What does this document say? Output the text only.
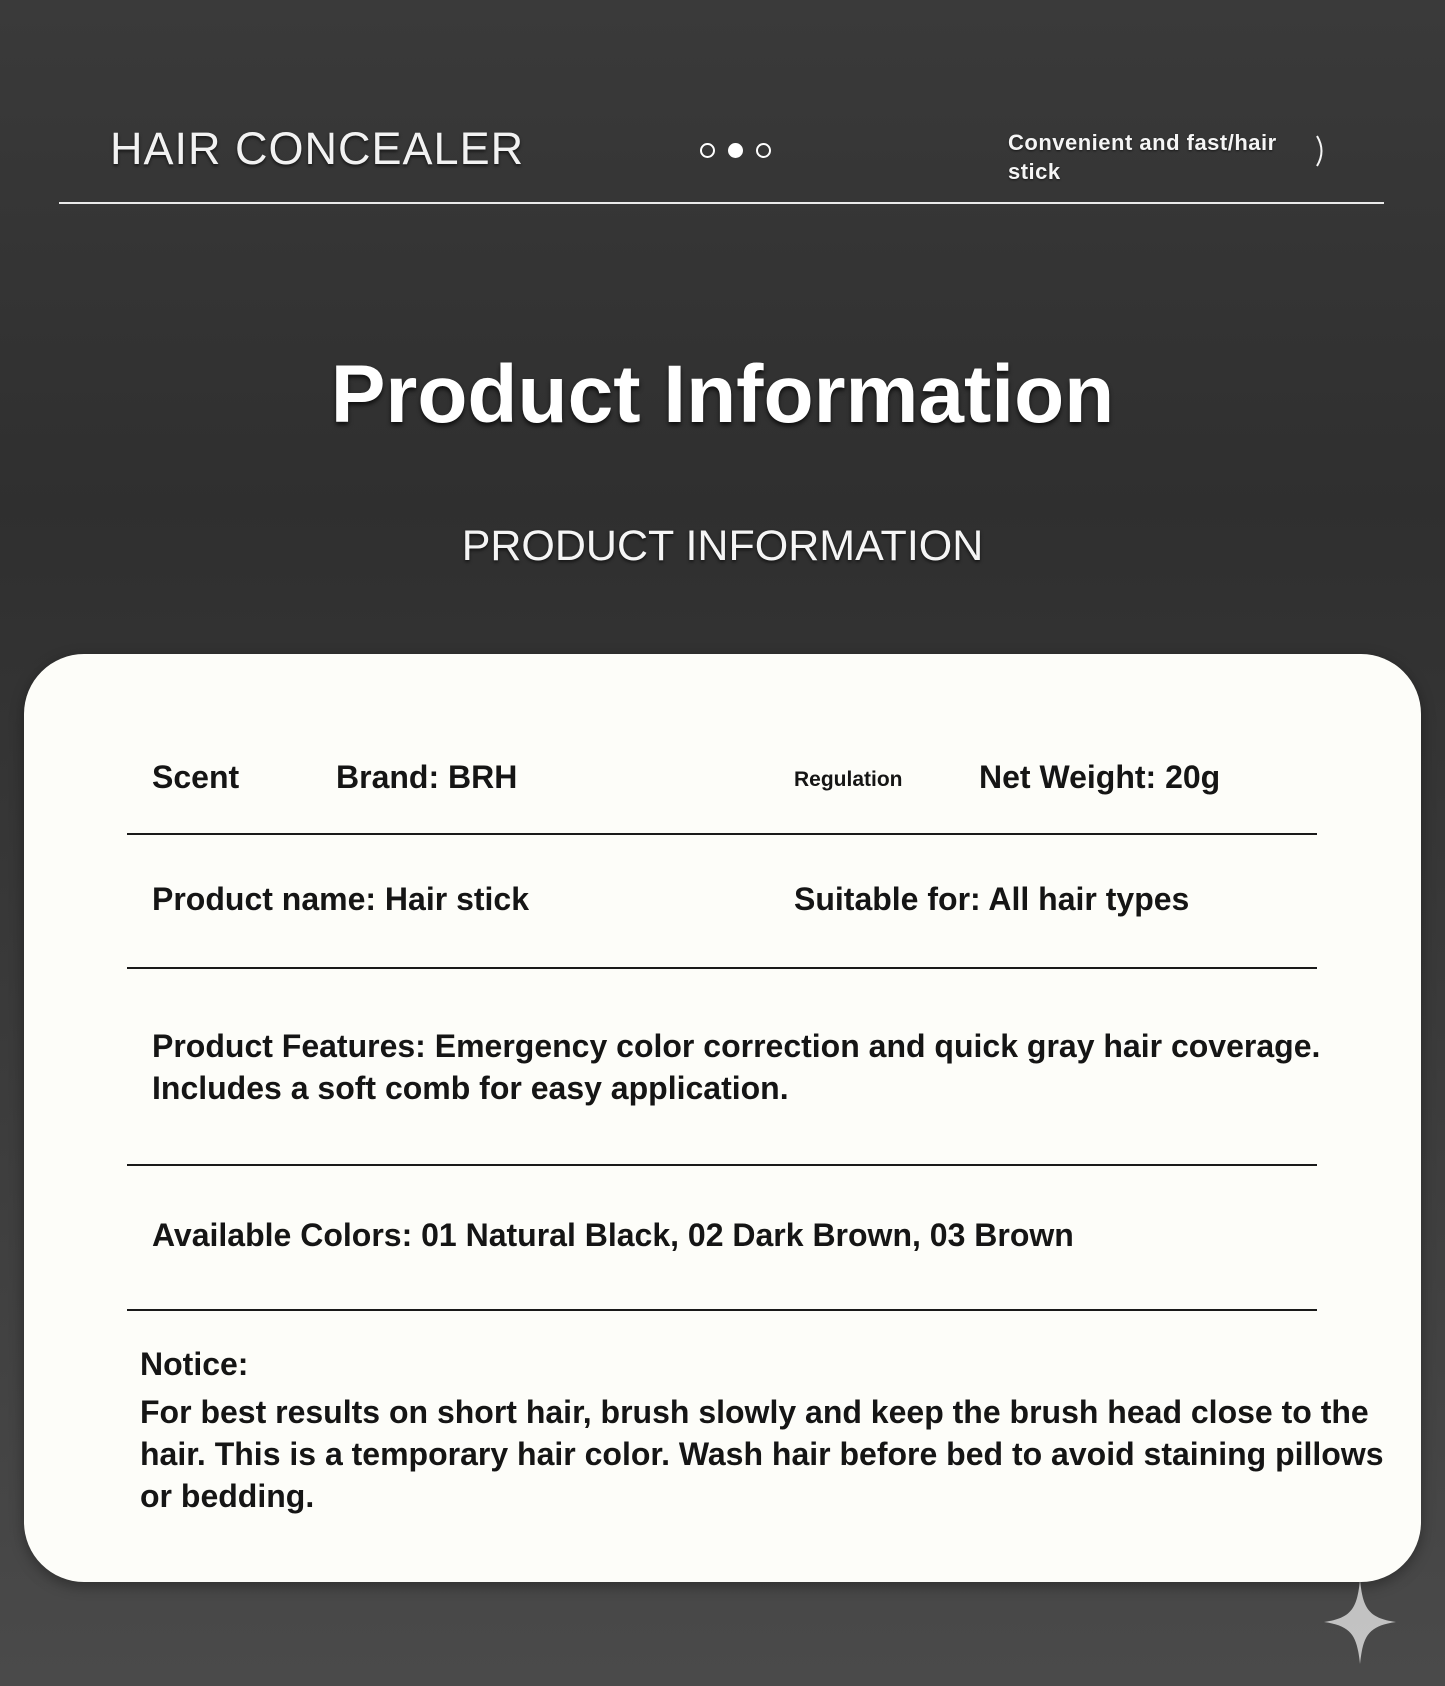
HAIR CONCEALER	Convenient and fast/hair stick
Product Information
PRODUCT INFORMATION
Scent	Brand: BRH	Regulation Net Weight: 20g
Product name: Hair stick	Suitable for: All hair types
Product Features: Emergency color correction and quick gray hair coverage.
Includes a soft comb for easy application.
Available Colors: 01 Natural Black, 02 Dark Brown, 03 Brown
Notice:
For best results on short hair, brush slowly and keep the brush head close to the
hair. This is a temporary hair color. Wash hair before bed to avoid staining pillows
or bedding.
